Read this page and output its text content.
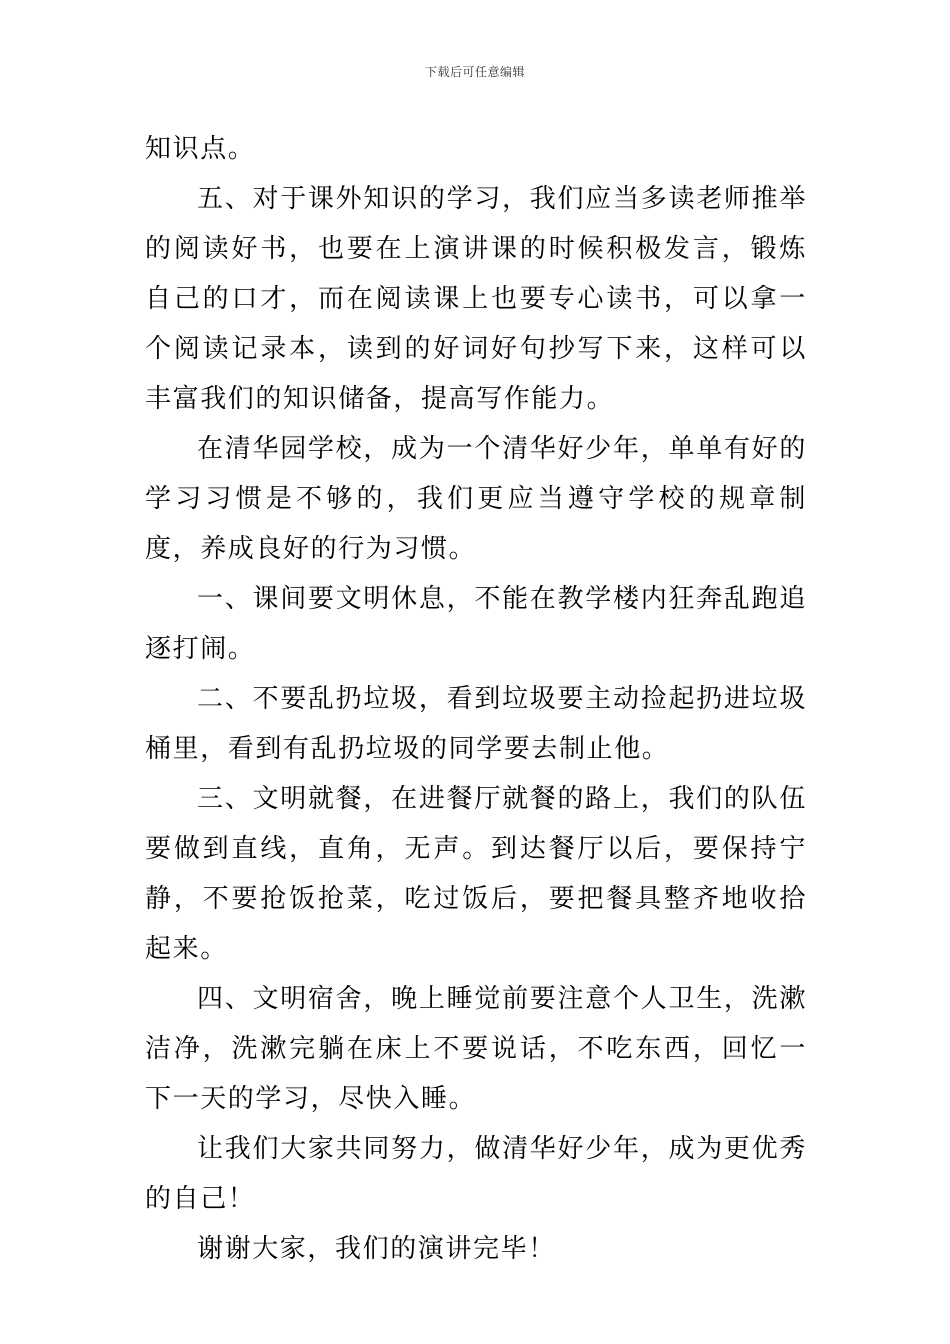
下载后可任意编辑

知识点。

五、对于课外知识的学习，我们应当多读老师推举的阅读好书，也要在上演讲课的时候积极发言，锻炼自己的口才，而在阅读课上也要专心读书，可以拿一个阅读记录本，读到的好词好句抄写下来，这样可以丰富我们的知识储备，提高写作能力。

在清华园学校，成为一个清华好少年，单单有好的学习习惯是不够的，我们更应当遵守学校的规章制度，养成良好的行为习惯。

一、课间要文明休息，不能在教学楼内狂奔乱跑追逐打闹。

二、不要乱扔垃圾，看到垃圾要主动捡起扔进垃圾桶里，看到有乱扔垃圾的同学要去制止他。

三、文明就餐，在进餐厅就餐的路上，我们的队伍要做到直线，直角，无声。到达餐厅以后，要保持宁静，不要抢饭抢菜，吃过饭后，要把餐具整齐地收拾起来。

四、文明宿舍，晚上睡觉前要注意个人卫生，洗漱洁净，洗漱完躺在床上不要说话，不吃东西，回忆一下一天的学习，尽快入睡。

让我们大家共同努力，做清华好少年，成为更优秀的自己！

谢谢大家，我们的演讲完毕！
